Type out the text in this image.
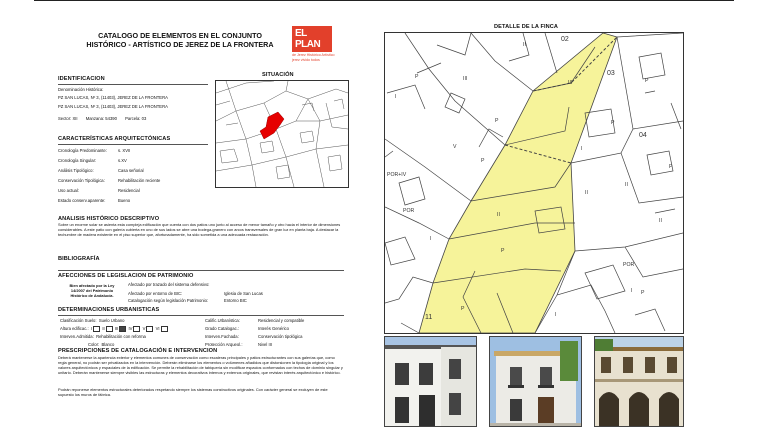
CATALOGO DE ELEMENTOS EN EL CONJUNTO
HISTÓRICO - ARTÍSTICO DE JEREZ DE LA FRONTERA
EL PLAN
de Jerez Histórico Artístico
jerez vivido todos
IDENTIFICACION
Denominación Histórica:
PZ SAN LUCAS, Nº 3, (11403), JEREZ DE LA FRONTERA
PZ SAN LUCAS, Nº 3, (11403), JEREZ DE LA FRONTERA
Sector: XII Manzana: 54390 Parcela: 03
SITUACIÓN
CARACTERÍSTICAS ARQUITECTÓNICAS
Cronología Predominante:	s. XVII
Cronología Singular:	s.XV
Análisis Tipológico:	Casa señorial
Conservación Tipológica:	Rehabilitación reciente
Uso actual:	Residencial
Estado conserv.aparente:	Bueno
ANALISIS HISTÓRICO DESCRIPTIVO
Sobre un enorme solar se asienta esta compleja edificación que cuenta con dos patios uno junto al acceso de menor tamaño y otro hacia el interior de dimensiones considerables. A este patio con galería cubierta en uno de sus lados se abre una bodega-granero con arcos transversales de gran luz en planta baja. A destacar la techumbre de madera existente en el piso superior que, afortunadamente, ha sido sometida a una adecuada restauración.
BIBLIOGRAFÍA
AFECCIONES DE LEGISLACION DE PATRIMONIO
Bien afectado por la Ley 14/2007 del Patrimonio Histórico de Andalucía.
Afectado por trazado del sistema defensivo:
Afectado por entorno de BIC:	Iglesia de San Lucas
Catalogación según legislación Patrimonio:	Entorno BIC
DETERMINACIONES URBANISTICAS
Clasificación Suelo: Suelo Urbano
Altura edificac.: I II III IV V VI
Interven.Admitida: Rehabilitación con reforma
Color: Blanco
Calific.Urbanística:	Residencial y compatible
Grado Catalogac.:	Interés Genérico
Interven.Fachada:	Conservación tipológica
Protección Arqueol.:	Nivel III
PRESCRIPCIONES DE CATALOGACIÓN E INTERVENCION
Deberá mantenerse la apariencia exterior y elementos comunes de conservación como escaleras principales y patios estructurantes con sus galerías que, como regla general, no podrán ser privatizados en la intervención. Deberán eliminarse los elementos o volúmenes añadidos que distorsionen la tipología original y los valores arquitectónicos y espaciales de la edificación. Se permite la rehabilitación de tabiquería sin modificar espacios conformados con techos de dominio singular y unitario. Deberán mantenerse siempre visibles las estructuras y elementos decorativos internos y externos originales, que revistan interés arquitectónico e histórico.
Podrán reponerse elementos estructurales deteriorados respetando siempre los sistemas constructivos originales. Con carácter general se excluyen de este supuesto los muros de fábrica.
DETALLE DE LA FINCA
02
03
04
11
P
III
P
P
II
III
II
P
P
II
POR+IV
POR
I
P
V
II
I
P
POR
II
P
P
I
I
I
